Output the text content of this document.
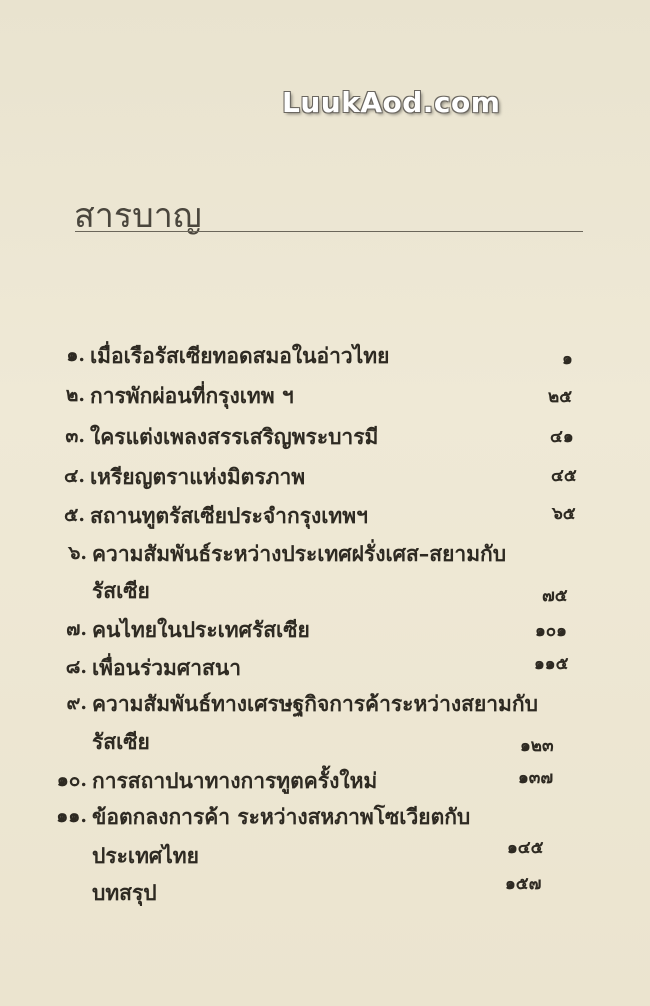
LuukAod.com
สารบาญ
๑. เมื่อเรือรัสเซียทอดสมอในอ่าวไทย	๑
๒. การพักผ่อนที่กรุงเทพ ฯ	๒๕
๓. ใครแต่งเพลงสรรเสริญพระบารมี	๔๑
๔. เหรียญตราแห่งมิตรภาพ	๔๕
๕. สถานทูตรัสเซียประจำกรุงเทพฯ	๖๕
๖. ความสัมพันธ์ระหว่างประเทศฝรั่งเศส–สยามกับ
รัสเซีย	๗๕
๗. คนไทยในประเทศรัสเซีย	๑๐๑
๘. เพื่อนร่วมศาสนา	๑๑๕
๙. ความสัมพันธ์ทางเศรษฐกิจการค้าระหว่างสยามกับ
รัสเซีย	๑๒๓
๑๐. การสถาปนาทางการทูตครั้งใหม่	๑๓๗
๑๑. ข้อตกลงการค้า ระหว่างสหภาพโซเวียตกับ
ประเทศไทย	๑๔๕
บทสรุป	๑๕๗
